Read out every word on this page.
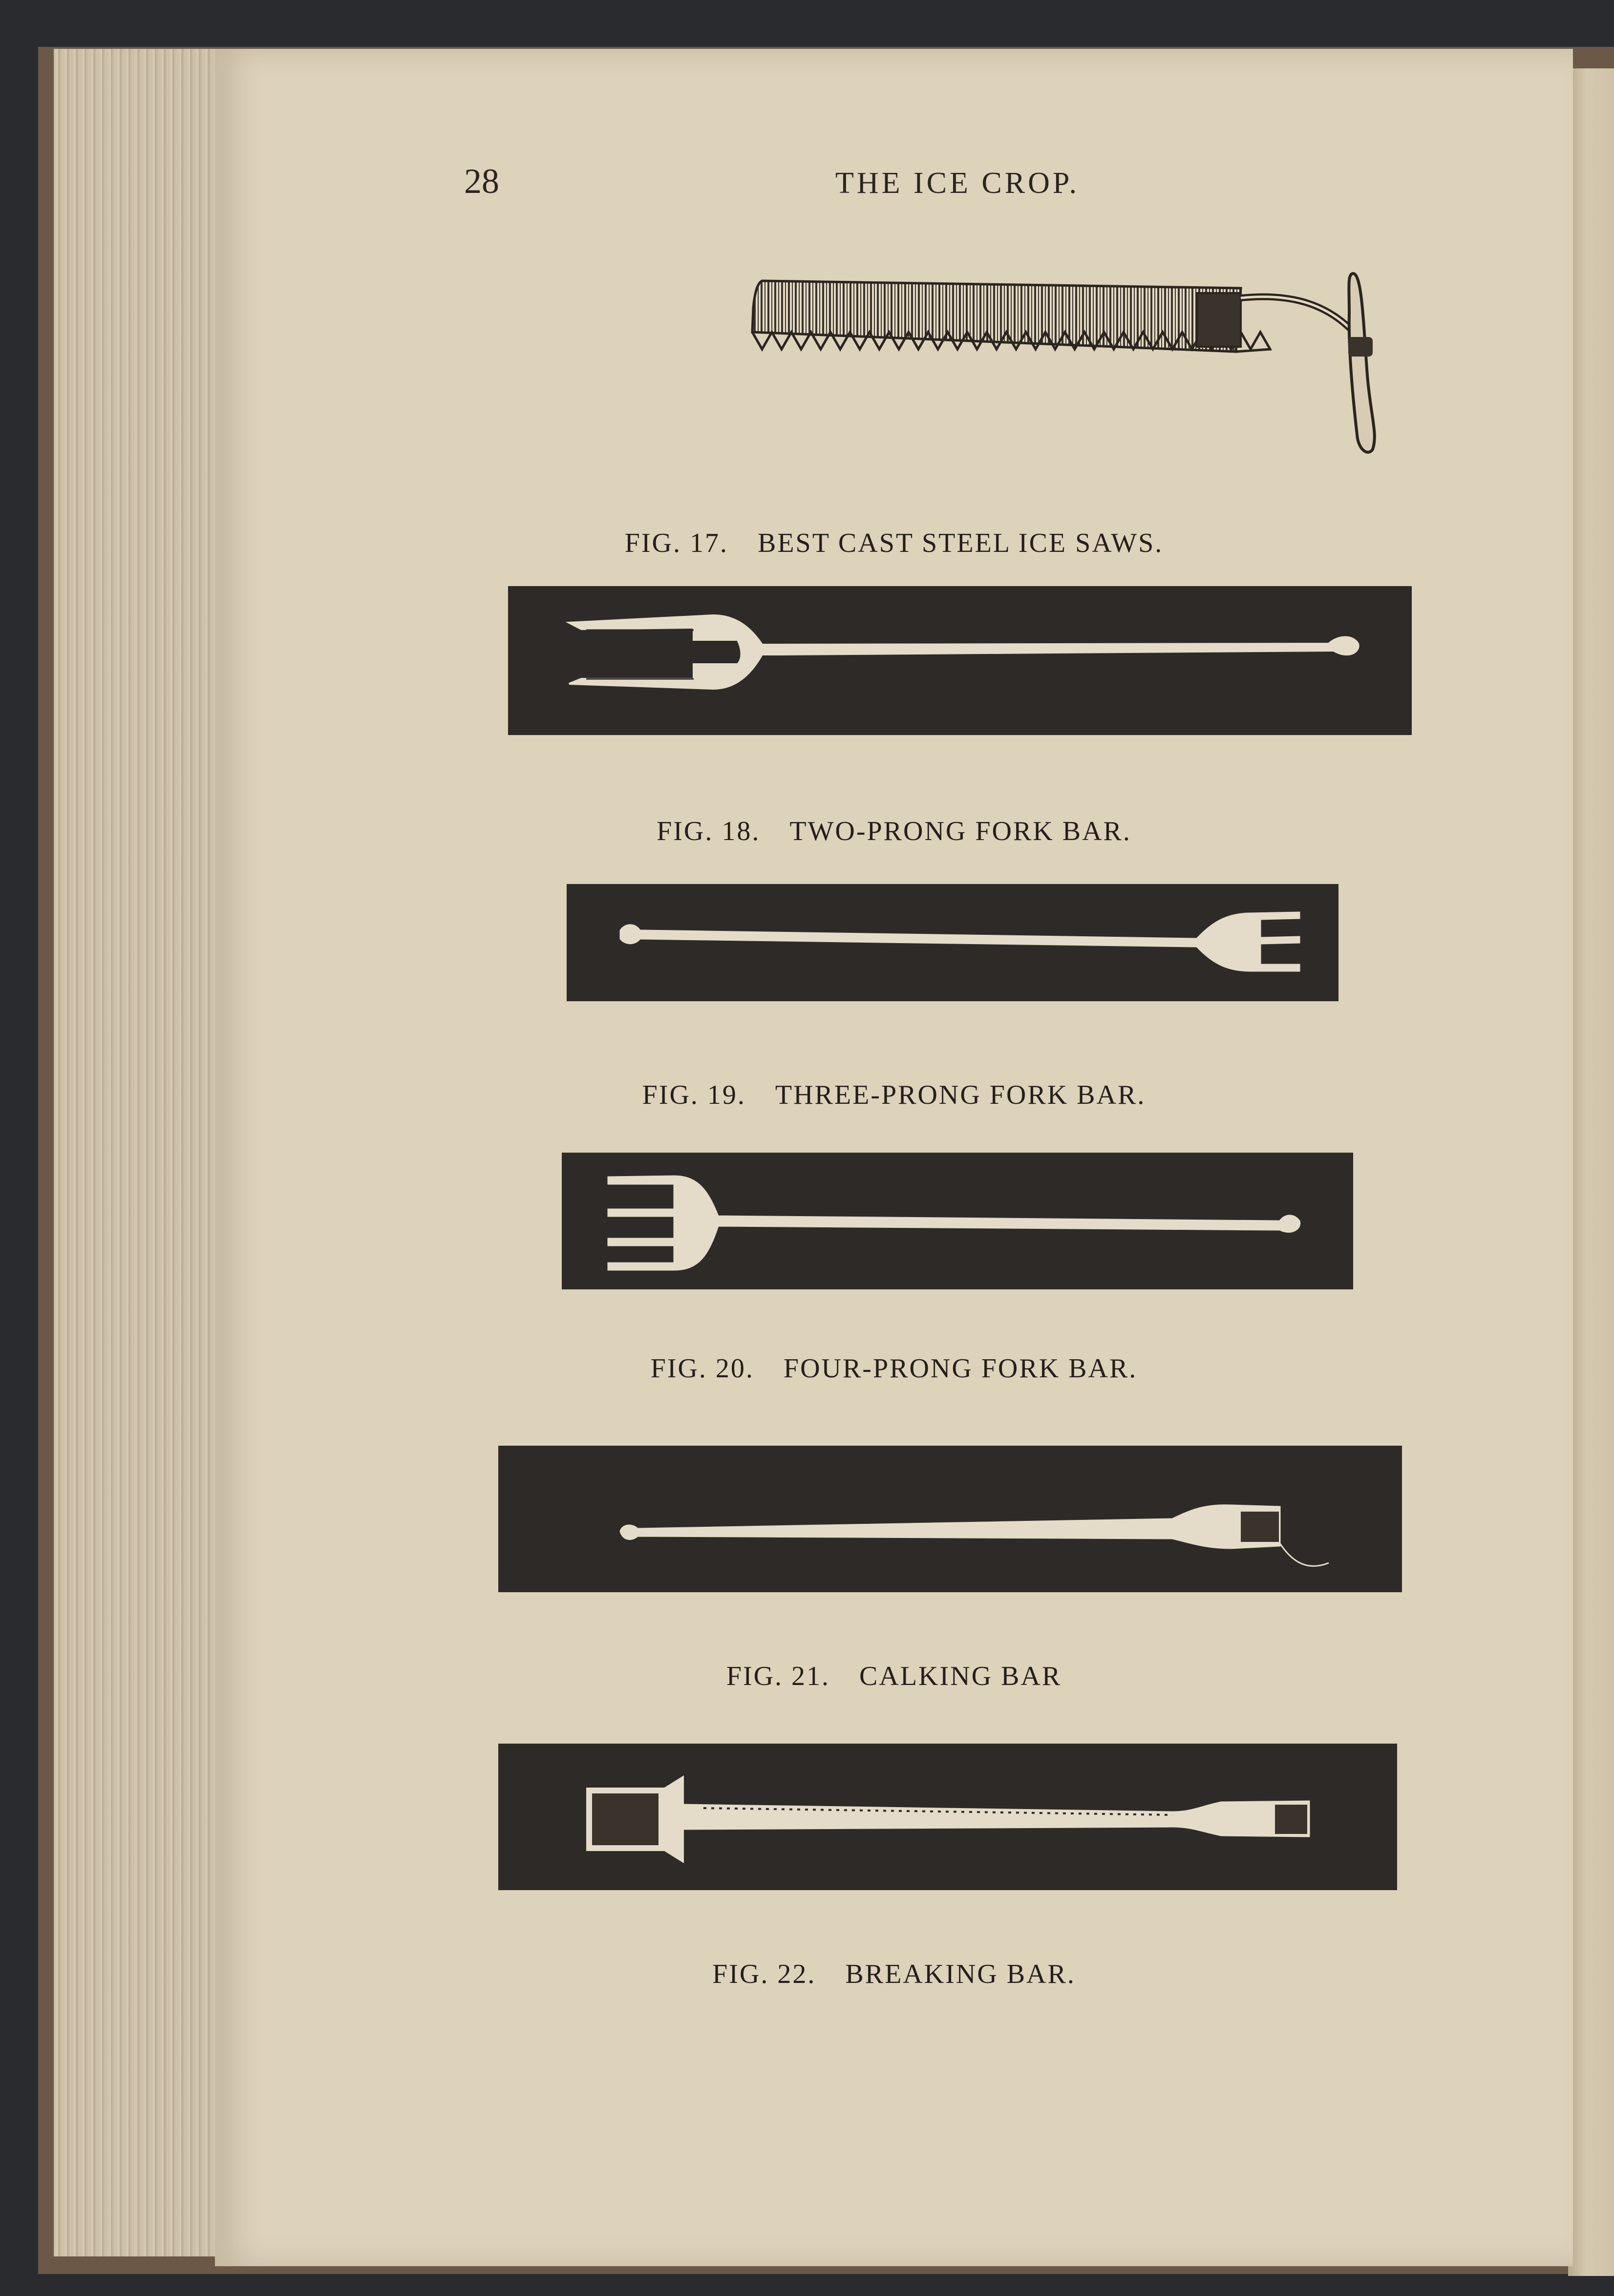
28	THE ICE CROP.
FIG. 17. BEST CAST STEEL ICE SAWS.
FIG. 18. TWO-PRONG FORK BAR.
FIG. 19. THREE-PRONG FORK BAR.
FIG. 20. FOUR-PRONG FORK BAR.
FIG. 21. CALKING BAR
FIG. 22. BREAKING BAR.
